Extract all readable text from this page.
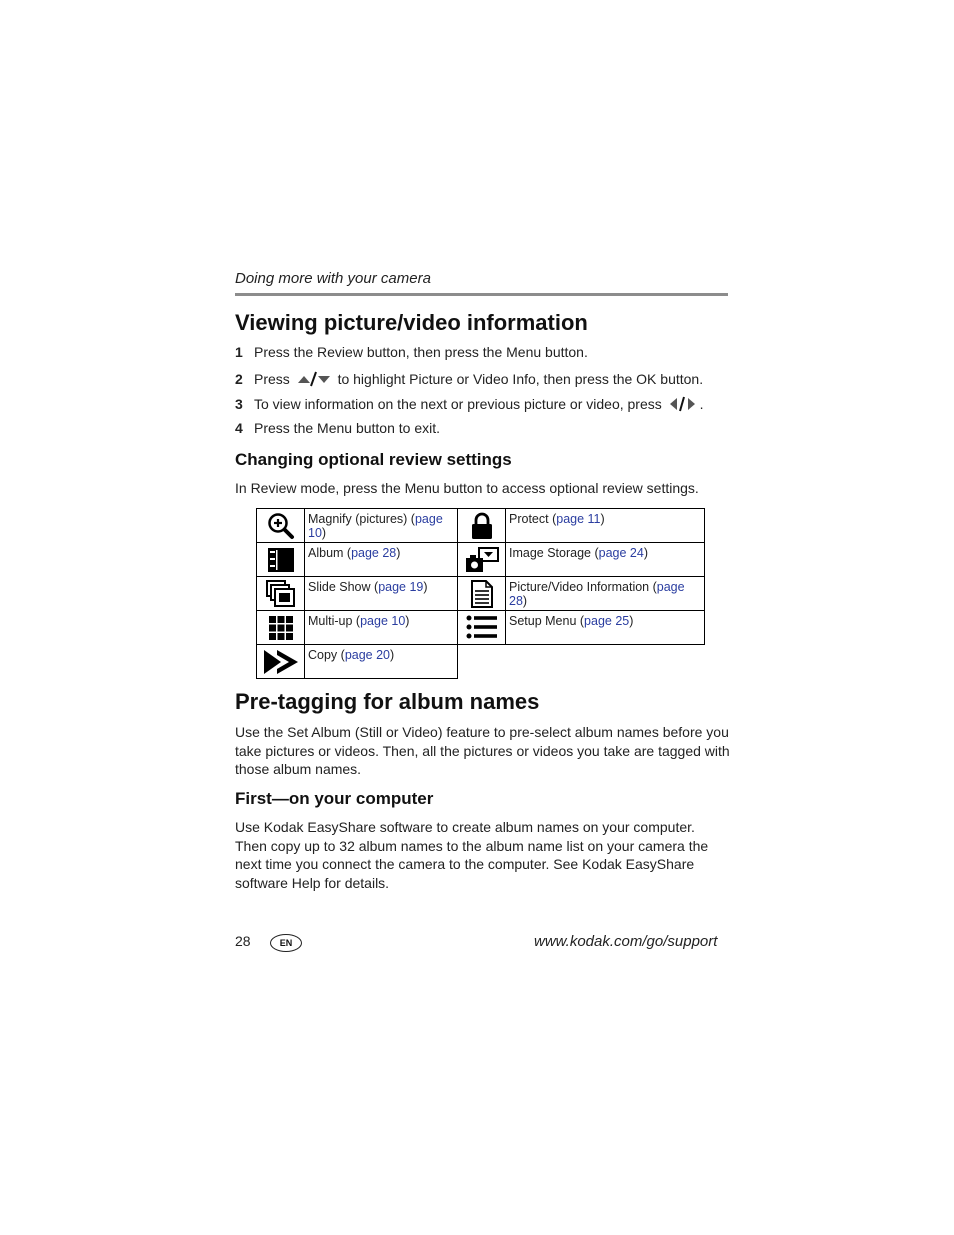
Doing more with your camera
Viewing picture/video information
1 Press the Review button, then press the Menu button.
2 Press	to highlight Picture or Video Info, then press the OK button.
3 To view information on the next or previous picture or video, press	.
4 Press the Menu button to exit.
Changing optional review settings
In Review mode, press the Menu button to access optional review settings.
	Magnify (pictures) (page 10)		Protect (page 11)

	Album (page 28)		Image Storage (page 24)

	Slide Show (page 19)		Picture/Video Information (page 28)

	Multi-up (page 10)		Setup Menu (page 25)

	Copy (page 20)		
Pre-tagging for album names
Use the Set Album (Still or Video) feature to pre-select album names before you take pictures or videos. Then, all the pictures or videos you take are tagged with those album names.
First—on your computer
Use Kodak EasyShare software to create album names on your computer. Then copy up to 32 album names to the album name list on your camera the next time you connect the camera to the computer. See Kodak EasyShare software Help for details.
28	EN	www.kodak.com/go/support
